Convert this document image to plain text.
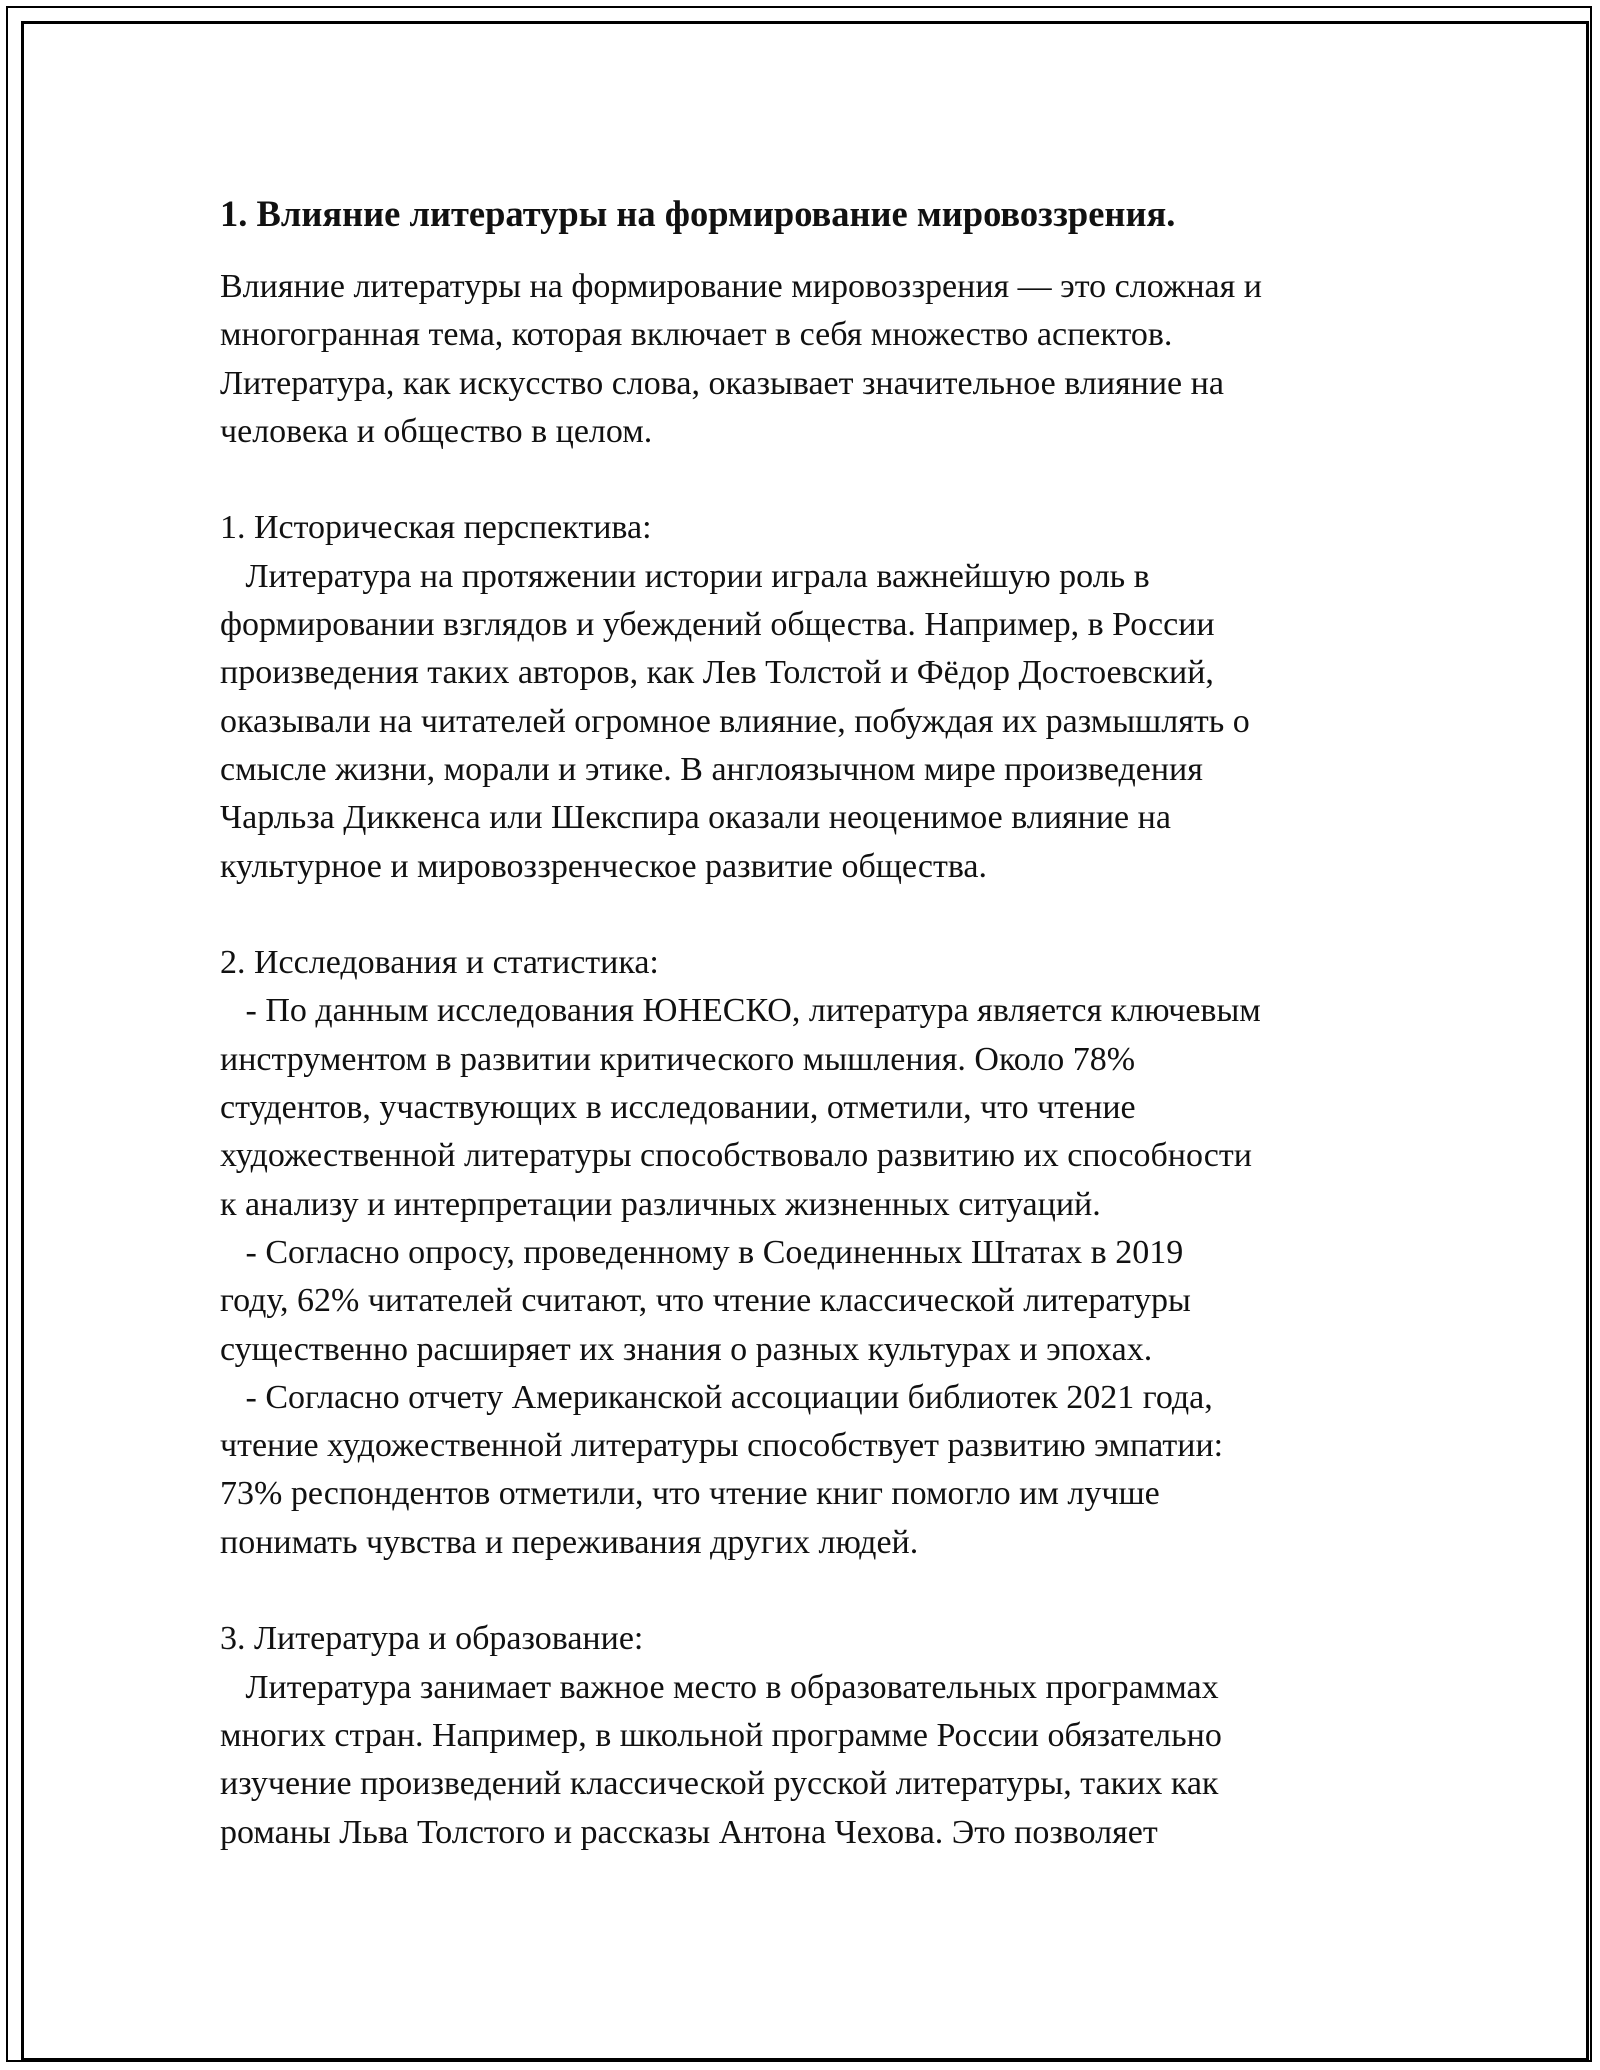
1. Влияние литературы на формирование мировоззрения.

Влияние литературы на формирование мировоззрения — это сложная и

многогранная тема, которая включает в себя множество аспектов.

Литература, как искусство слова, оказывает значительное влияние на

человека и общество в целом.

1. Историческая перспектива:

Литература на протяжении истории играла важнейшую роль в

формировании взглядов и убеждений общества. Например, в России

произведения таких авторов, как Лев Толстой и Фёдор Достоевский,

оказывали на читателей огромное влияние, побуждая их размышлять о

смысле жизни, морали и этике. В англоязычном мире произведения

Чарльза Диккенса или Шекспира оказали неоценимое влияние на

культурное и мировоззренческое развитие общества.

2. Исследования и статистика:

- По данным исследования ЮНЕСКО, литература является ключевым

инструментом в развитии критического мышления. Около 78%

студентов, участвующих в исследовании, отметили, что чтение

художественной литературы способствовало развитию их способности

к анализу и интерпретации различных жизненных ситуаций.

- Согласно опросу, проведенному в Соединенных Штатах в 2019

году, 62% читателей считают, что чтение классической литературы

существенно расширяет их знания о разных культурах и эпохах.

- Согласно отчету Американской ассоциации библиотек 2021 года,

чтение художественной литературы способствует развитию эмпатии:

73% респондентов отметили, что чтение книг помогло им лучше

понимать чувства и переживания других людей.

3. Литература и образование:

Литература занимает важное место в образовательных программах

многих стран. Например, в школьной программе России обязательно

изучение произведений классической русской литературы, таких как

романы Льва Толстого и рассказы Антона Чехова. Это позволяет
